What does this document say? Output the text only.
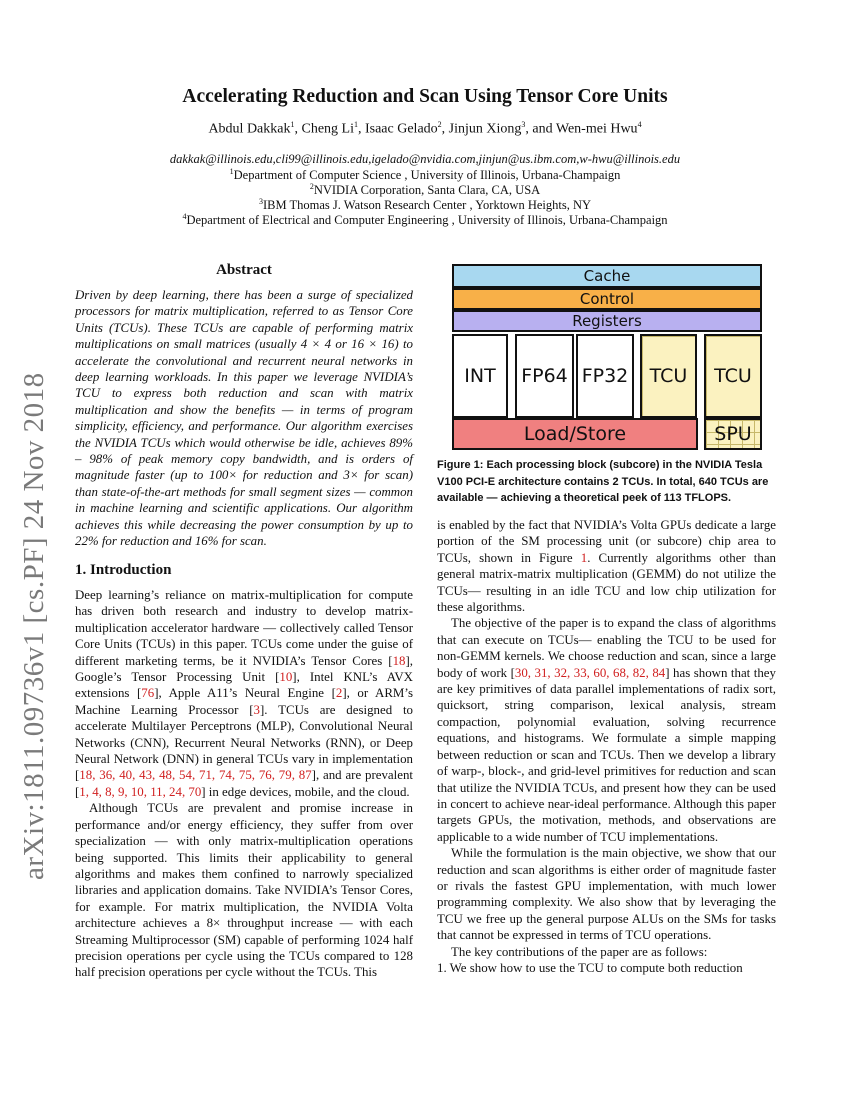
arXiv:1811.09736v1 [cs.PF] 24 Nov 2018
Accelerating Reduction and Scan Using Tensor Core Units
Abdul Dakkak$^1$, Cheng Li$^1$, Isaac Gelado$^2$, Jinjun Xiong$^3$, and Wen-mei Hwu$^4$
dakkak@illinois.edu,cli99@illinois.edu,igelado@nvidia.com,jinjun@us.ibm.com,w-hwu@illinois.edu
$^1$Department of Computer Science , University of Illinois, Urbana-Champaign
$^2$NVIDIA Corporation, Santa Clara, CA, USA
$^3$IBM Thomas J. Watson Research Center , Yorktown Heights, NY
$^4$Department of Electrical and Computer Engineering , University of Illinois, Urbana-Champaign
Abstract

Driven by deep learning, there has been a surge of specialized processors for matrix multiplication, referred to as Tensor Core Units (TCUs). These TCUs are capable of performing matrix multiplications on small matrices (usually 4 × 4 or 16 × 16) to accelerate the convolutional and recurrent neural networks in deep learning workloads. In this paper we leverage NVIDIA’s TCU to express both reduction and scan with matrix multiplication and show the benefits — in terms of program simplicity, efficiency, and performance. Our algorithm exercises the NVIDIA TCUs which would otherwise be idle, achieves 89% – 98% of peak memory copy bandwidth, and is orders of magnitude faster (up to 100× for reduction and 3× for scan) than state-of-the-art methods for small segment sizes — common in machine learning and scientific applications. Our algorithm achieves this while decreasing the power consumption by up to 22% for reduction and 16% for scan.

1. Introduction

Deep learning’s reliance on matrix-multiplication for compute has driven both research and industry to develop matrix-multiplication accelerator hardware — collectively called Tensor Core Units (TCUs) in this paper. TCUs come under the guise of different marketing terms, be it NVIDIA’s Tensor Cores [18], Google’s Tensor Processing Unit [10], Intel KNL’s AVX extensions [76], Apple A11’s Neural Engine [2], or ARM’s Machine Learning Processor [3]. TCUs are designed to accelerate Multilayer Perceptrons (MLP), Convolutional Neural Networks (CNN), Recurrent Neural Networks (RNN), or Deep Neural Network (DNN) in general TCUs vary in implementation [18, 36, 40, 43, 48, 54, 71, 74, 75, 76, 79, 87], and are prevalent [1, 4, 8, 9, 10, 11, 24, 70] in edge devices, mobile, and the cloud.

Although TCUs are prevalent and promise increase in performance and/or energy efficiency, they suffer from over specialization — with only matrix-multiplication operations being supported. This limits their applicability to general algorithms and makes them confined to narrowly specialized libraries and application domains. Take NVIDIA’s Tensor Cores, for example. For matrix multiplication, the NVIDIA Volta architecture achieves a 8× throughput increase — with each Streaming Multiprocessor (SM) capable of performing 1024 half precision operations per cycle using the TCUs compared to 128 half precision operations per cycle without the TCUs. This

Cache
Control
Registers
INT	FP64 FP32	TCU	TCU
Load/Store	SPU
Figure 1: Each processing block (subcore) in the NVIDIA Tesla V100 PCI-E architecture contains 2 TCUs. In total, 640 TCUs are available — achieving a theoretical peek of 113 TFLOPS.

is enabled by the fact that NVIDIA’s Volta GPUs dedicate a large portion of the SM processing unit (or subcore) chip area to TCUs, shown in Figure 1. Currently algorithms other than general matrix-matrix multiplication (GEMM) do not utilize the TCUs— resulting in an idle TCU and low chip utilization for these algorithms.

The objective of the paper is to expand the class of algorithms that can execute on TCUs— enabling the TCU to be used for non-GEMM kernels. We choose reduction and scan, since a large body of work [30, 31, 32, 33, 60, 68, 82, 84] has shown that they are key primitives of data parallel implementations of radix sort, quicksort, string comparison, lexical analysis, stream compaction, polynomial evaluation, solving recurrence equations, and histograms. We formulate a simple mapping between reduction or scan and TCUs. Then we develop a library of warp-, block-, and grid-level primitives for reduction and scan that utilize the NVIDIA TCUs, and present how they can be used in concert to achieve near-ideal performance. Although this paper targets GPUs, the motivation, methods, and observations are applicable to a wide number of TCU implementations.

While the formulation is the main objective, we show that our reduction and scan algorithms is either order of magnitude faster or rivals the fastest GPU implementation, with much lower programming complexity. We also show that by leveraging the TCU we free up the general purpose ALUs on the SMs for tasks that cannot be expressed in terms of TCU operations.

The key contributions of the paper are as follows:

1. We show how to use the TCU to compute both reduction
